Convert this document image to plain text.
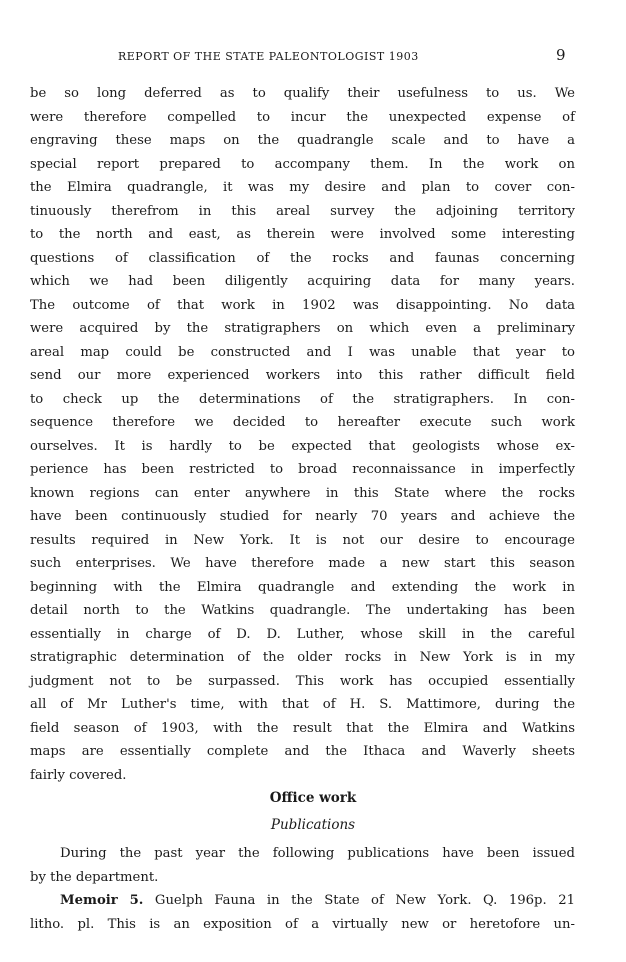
REPORT OF THE STATE PALEONTOLOGIST 1903	9
be so long deferred as to qualify their usefulness to us. We
were therefore compelled to incur the unexpected expense of
engraving these maps on the quadrangle scale and to have a
special report prepared to accompany them. In the work on
the Elmira quadrangle, it was my desire and plan to cover con-
tinuously therefrom in this areal survey the adjoining territory
to the north and east, as therein were involved some interesting
questions of classification of the rocks and faunas concerning
which we had been diligently acquiring data for many years.
The outcome of that work in 1902 was disappointing. No data
were acquired by the stratigraphers on which even a preliminary
areal map could be constructed and I was unable that year to
send our more experienced workers into this rather difficult field
to check up the determinations of the stratigraphers. In con-
sequence therefore we decided to hereafter execute such work
ourselves. It is hardly to be expected that geologists whose ex-
perience has been restricted to broad reconnaissance in imperfectly
known regions can enter anywhere in this State where the rocks
have been continuously studied for nearly 70 years and achieve the
results required in New York. It is not our desire to encourage
such enterprises. We have therefore made a new start this season
beginning with the Elmira quadrangle and extending the work in
detail north to the Watkins quadrangle. The undertaking has been
essentially in charge of D. D. Luther, whose skill in the careful
stratigraphic determination of the older rocks in New York is in my
judgment not to be surpassed. This work has occupied essentially
all of Mr Luther's time, with that of H. S. Mattimore, during the
field season of 1903, with the result that the Elmira and Watkins
maps are essentially complete and the Ithaca and Waverly sheets
fairly covered.
Office work
Publications
During the past year the following publications have been issued
by the department.
Memoir 5. Guelph Fauna in the State of New York. Q. 196p. 21
litho. pl. This is an exposition of a virtually new or heretofore un-
